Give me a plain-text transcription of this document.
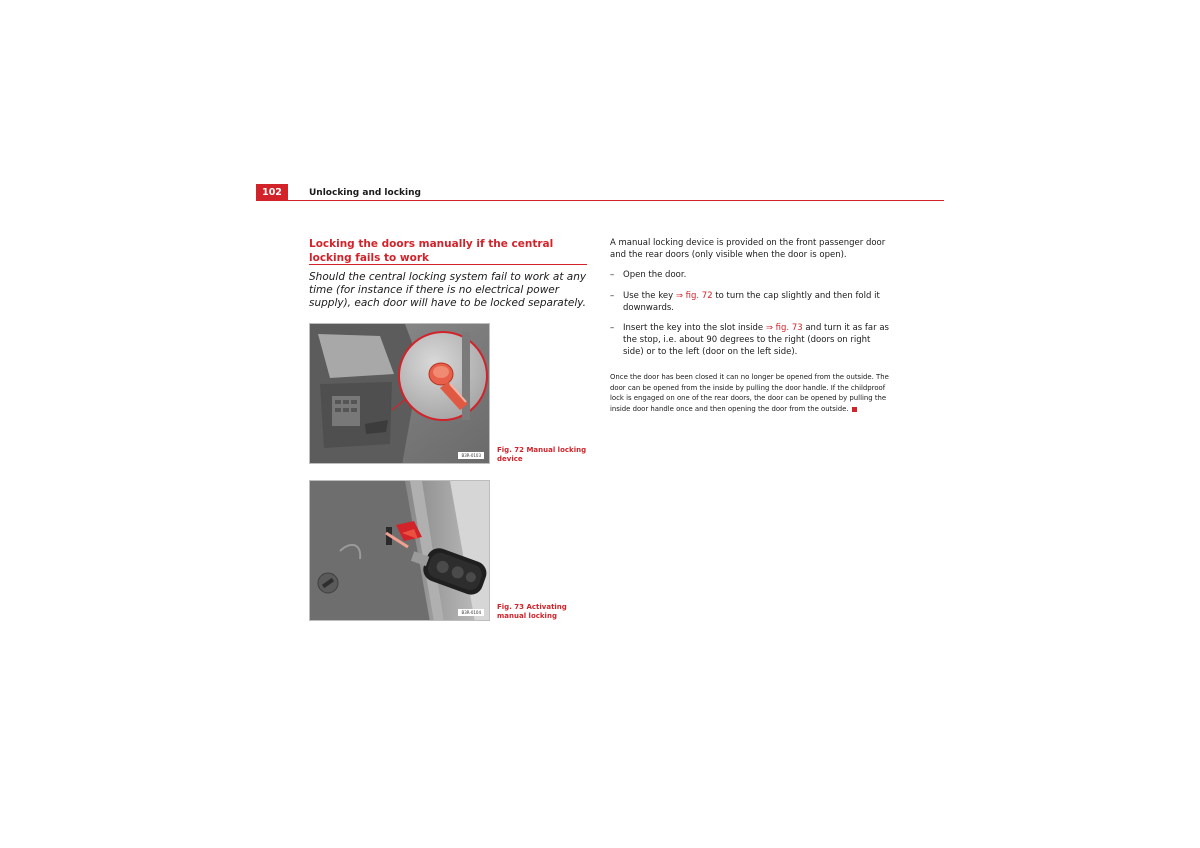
102	Unlocking and locking
Locking the doors manually if the central locking fails to work
Should the central locking system fail to work at any time (for instance if there is no electrical power supply), each door will have to be locked separately.
B3R-0103
Fig. 72 Manual locking device
B3R-0104
Fig. 73 Activating manual locking
A manual locking device is provided on the front passenger door and the rear doors (only visible when the door is open).
– Open the door.
– Use the key ⇒ fig. 72 to turn the cap slightly and then fold it downwards.
– Insert the key into the slot inside ⇒ fig. 73 and turn it as far as the stop, i.e. about 90 degrees to the right (doors on right side) or to the left (door on the left side).
Once the door has been closed it can no longer be opened from the outside. The door can be opened from the inside by pulling the door handle. If the childproof lock is engaged on one of the rear doors, the door can be opened by pulling the inside door handle once and then opening the door from the outside.
